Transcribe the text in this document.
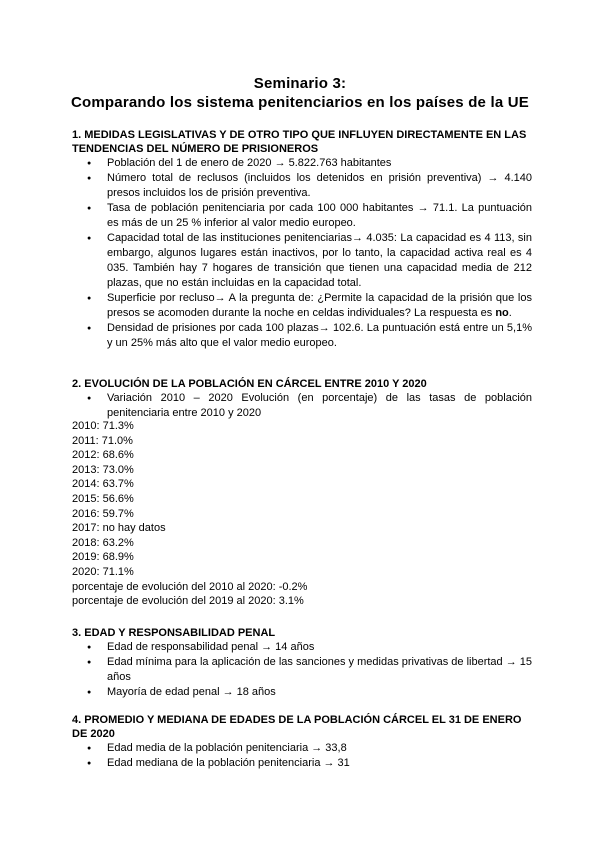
Seminario 3:
Comparando los sistema penitenciarios en los países de la UE
1. MEDIDAS LEGISLATIVAS Y DE OTRO TIPO QUE INFLUYEN DIRECTAMENTE EN LAS TENDENCIAS DEL NÚMERO DE PRISIONEROS
● Población del 1 de enero de 2020 → 5.822.763 habitantes
● Número total de reclusos (incluidos los detenidos en prisión preventiva) → 4.140 presos incluidos los de prisión preventiva.
● Tasa de población penitenciaria por cada 100 000 habitantes → 71.1. La puntuación es más de un 25 % inferior al valor medio europeo.
● Capacidad total de las instituciones penitenciarias→ 4.035: La capacidad es 4 113, sin embargo, algunos lugares están inactivos, por lo tanto, la capacidad activa real es 4 035. También hay 7 hogares de transición que tienen una capacidad media de 212 plazas, que no están incluidas en la capacidad total.
● Superficie por recluso→ A la pregunta de: ¿Permite la capacidad de la prisión que los presos se acomoden durante la noche en celdas individuales? La respuesta es no.
● Densidad de prisiones por cada 100 plazas→ 102.6. La puntuación está entre un 5,1% y un 25% más alto que el valor medio europeo.
2. EVOLUCIÓN DE LA POBLACIÓN EN CÁRCEL ENTRE 2010 Y 2020
● Variación 2010 – 2020 Evolución (en porcentaje) de las tasas de población penitenciaria entre 2010 y 2020
2010: 71.3%
2011: 71.0%
2012: 68.6%
2013: 73.0%
2014: 63.7%
2015: 56.6%
2016: 59.7%
2017: no hay datos
2018: 63.2%
2019: 68.9%
2020: 71.1%
porcentaje de evolución del 2010 al 2020: -0.2%
porcentaje de evolución del 2019 al 2020: 3.1%
3. EDAD Y RESPONSABILIDAD PENAL
● Edad de responsabilidad penal → 14 años
● Edad mínima para la aplicación de las sanciones y medidas privativas de libertad → 15 años
● Mayoría de edad penal → 18 años
4. PROMEDIO Y MEDIANA DE EDADES DE LA POBLACIÓN CÁRCEL EL 31 DE ENERO DE 2020
● Edad media de la población penitenciaria → 33,8
● Edad mediana de la población penitenciaria → 31
